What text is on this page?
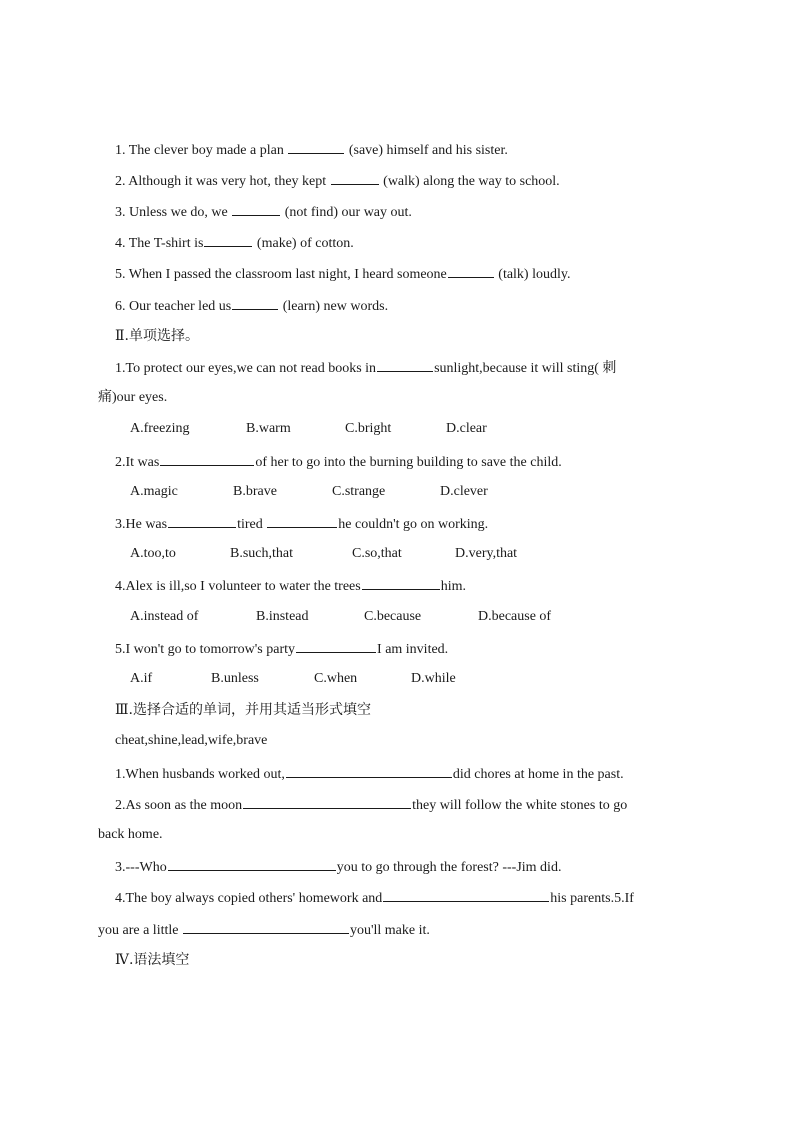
1. The clever boy made a plan	(save) himself and his sister.
2. Although it was very hot, they kept	(walk) along the way to school.
3. Unless we do, we	(not find) our way out.
4. The T-shirt is	(make) of cotton.
5. When I passed the classroom last night, I heard someone	(talk) loudly.
6. Our teacher led us	(learn) new words.
Ⅱ.单项选择。
1.To protect our eyes,we can not read books in	sunlight,because it will sting( 刺
痛)our eyes.
A.freezing	B.warm	C.bright	D.clear
2.It was	of her to go into the burning building to save the child.
A.magic	B.brave	C.strange	D.clever
3.He was	tired	he couldn't go on working.
A.too,to	B.such,that	C.so,that	D.very,that
4.Alex is ill,so I volunteer to water the trees	him.
A.instead of	B.instead	C.because	D.because of
5.I won't go to tomorrow's party	I am invited.
A.if	B.unless	C.when	D.while
Ⅲ.选择合适的单词，并用其适当形式填空
cheat,shine,lead,wife,brave
1.When husbands worked out,	did chores at home in the past.
2.As soon as the moon	they will follow the white stones to go
back home.
3.---Who	you to go through the forest? ---Jim did.
4.The boy always copied others' homework and	his parents.5.If
you are a little	you'll make it.
Ⅳ.语法填空
